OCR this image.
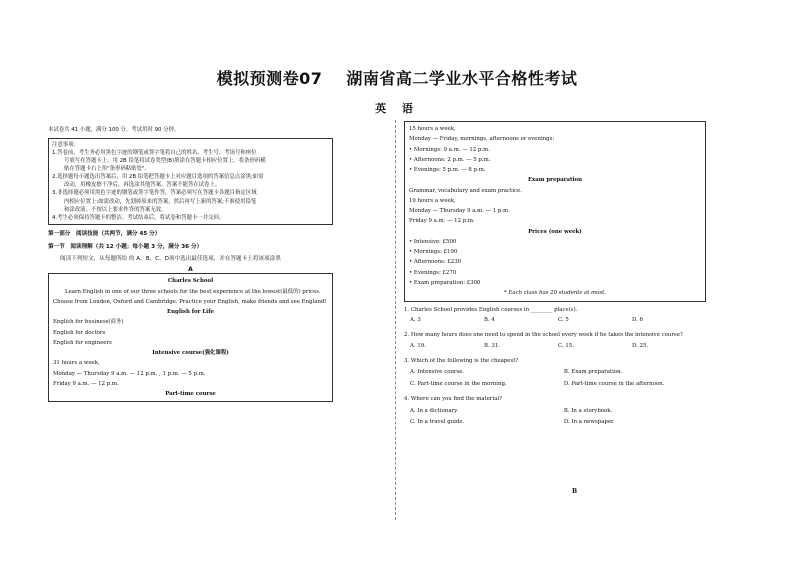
模拟预测卷07 湖南省高二学业水平合格性考试
英 语
本试卷共 41 小题，满分 100 分。考试用时 90 分钟。
注意事项:
1.答卷前，考生务必用黑色字迹的钢笔或签字笔将自己的姓名、考生号、考场号和座位
号填写在答题卡上。用 2B 铅笔将试卷类型(B)填涂在答题卡相应位置上。将条形码横
贴在答题卡右上角"条形码粘贴处"。
2.选择题每小题选出答案后，用 2B 铅笔把答题卡上对应题目选项的答案信息点涂黑;如需
改动，用橡皮擦干净后，再选涂其他答案。答案不能答在试卷上。
3.非选择题必须用黑色字迹的钢笔或签字笔作答，答案必须写在答题卡各题目指定区域
内相应位置上;如需改动，先划掉原来的答案，然后再写上新的答案;不准使用铅笔
和涂改液。不按以上要求作答的答案无效。
4.考生必须保持答题卡的整洁。考试结束后，将试卷和答题卡一并交回。
第一部分　阅读技能（共两节，满分 45 分）
第一节　阅读理解（共 12 小题；每小题 3 分，满分 36 分）
阅读下列短文，从每题所给 的 A、B、C、D项中选出最佳选项，并在答题卡上将该项涂黑
A

Charles School

Learn English in one of our three schools for the best experience at the lowest(最低的) prices.

Choose from London, Oxford and Cambridge. Practice your English, make friends and see England!

English for Life

English for business(商务)

English for doctors

English for engineers

Intensive course(强化课程)

31 hours a week,

Monday — Thursday 9 a.m. — 12 p.m. , 1 p.m. — 5 p.m.

Friday 9 a.m. — 12 p.m.

Part-time course

15 hours a week,

Monday — Friday, mornings, afternoons or evenings:

• Mornings: 9 a.m. — 12 p.m.

• Afternoons: 2 p.m. — 5 p.m.

• Evenings: 5 p.m. — 8 p.m.

Exam preparation

Grammar, vocabulary and exam practice.

19 hours a week,

Monday — Thursday 9 a.m. — 1 p.m.

Friday 9 a.m. — 12 p.m.

Prices (one week)

• Intensive: £500

• Mornings: £190

• Afternoons: £230

• Evenings: £270

• Exam preparation: £300

* Each class has 20 students at most.

1. Charles School provides English courses in ________ place(s).
A. 3	B. 4	C. 5	D. 6
2. How many hours does one need to spend in the school every week if he takes the intensive course?
A. 19.	B. 31.	C. 15.	D. 25.
3. Which of the following is the cheapest?
A. Intensive course.	B. Exam preparation.
C. Part-time course in the morning.	D. Part-time course in the afternoon.
4. Where can you find the material?
A. In a dictionary.	B. In a storybook.
C. In a travel guide.	D. In a newspaper.
B
